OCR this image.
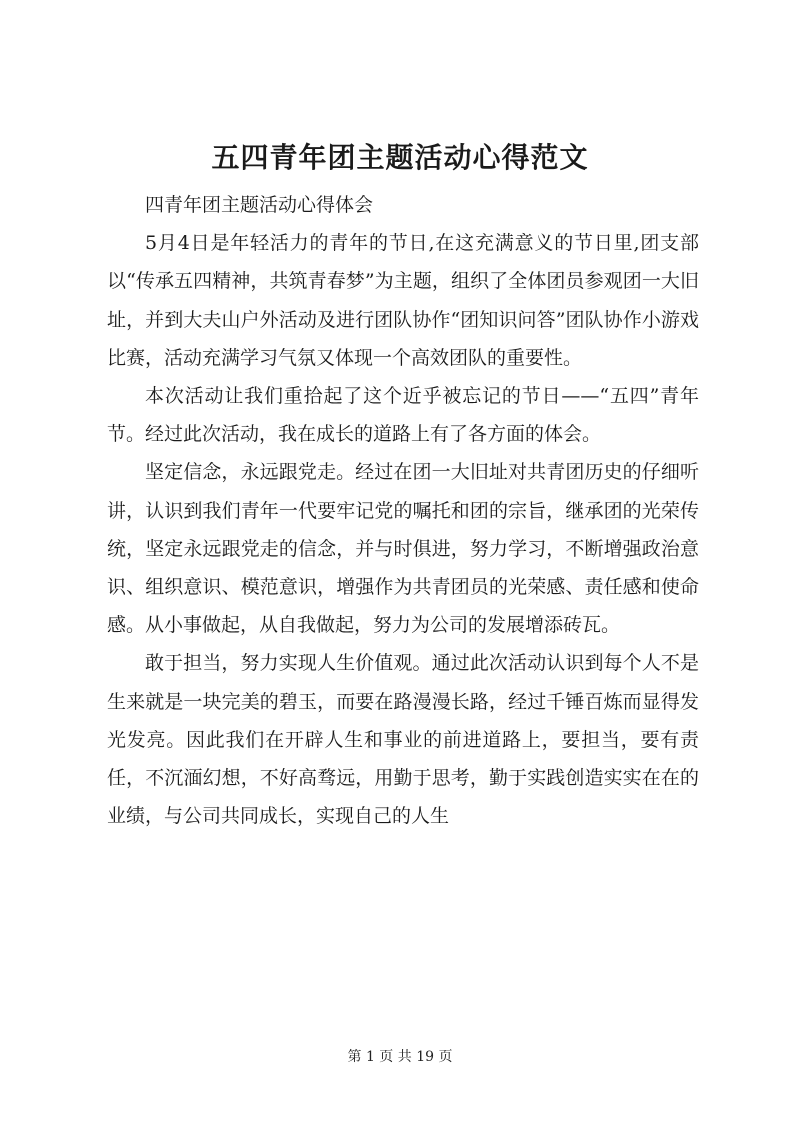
五四青年团主题活动心得范文

四青年团主题活动心得体会

5月4日是年轻活力的青年的节日,在这充满意义的节日里,团支部以“传承五四精神，共筑青春梦”为主题，组织了全体团员参观团一大旧址，并到大夫山户外活动及进行团队协作“团知识问答”团队协作小游戏比赛，活动充满学习气氛又体现一个高效团队的重要性。

本次活动让我们重拾起了这个近乎被忘记的节日——“五四”青年节。经过此次活动，我在成长的道路上有了各方面的体会。

坚定信念，永远跟党走。经过在团一大旧址对共青团历史的仔细听讲，认识到我们青年一代要牢记党的嘱托和团的宗旨，继承团的光荣传统，坚定永远跟党走的信念，并与时俱进，努力学习，不断增强政治意识、组织意识、模范意识，增强作为共青团员的光荣感、责任感和使命感。从小事做起，从自我做起，努力为公司的发展增添砖瓦。

敢于担当，努力实现人生价值观。通过此次活动认识到每个人不是生来就是一块完美的碧玉，而要在路漫漫长路，经过千锤百炼而显得发光发亮。因此我们在开辟人生和事业的前进道路上，要担当，要有责任，不沉湎幻想，不好高骛远，用勤于思考，勤于实践创造实实在在的业绩，与公司共同成长，实现自己的人生

第 1 页 共 19 页
